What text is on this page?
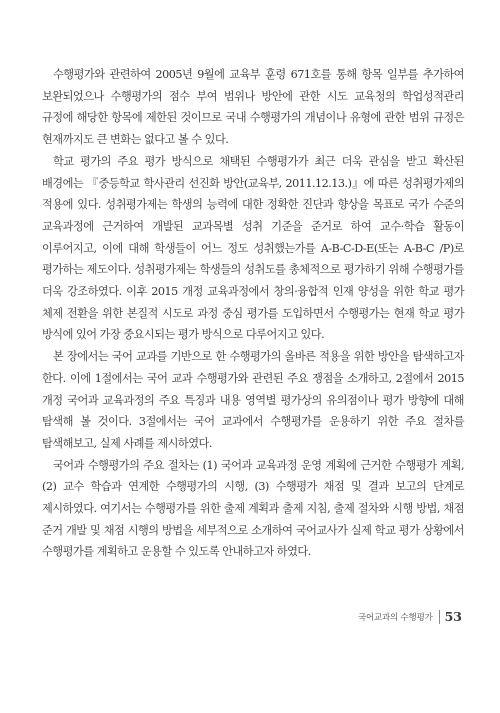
수행평가와 관련하여 2005년 9월에 교육부 훈령 671호를 통해 항목 일부를 추가하여 보완되었으나 수행평가의 점수 부여 범위나 방안에 관한 시도 교육청의 학업성적관리 규정에 해당한 항목에 제한된 것이므로 국내 수행평가의 개념이나 유형에 관한 범위 규정은 현재까지도 큰 변화는 없다고 볼 수 있다.

학교 평가의 주요 평가 방식으로 채택된 수행평가가 최근 더욱 관심을 받고 확산된 배경에는 『중등학교 학사관리 선진화 방안(교육부, 2011.12.13.)』에 따른 성취평가제의 적용에 있다. 성취평가제는 학생의 능력에 대한 정확한 진단과 향상을 목표로 국가 수준의 교육과정에 근거하여 개발된 교과목별 성취 기준을 준거로 하여 교수·학습 활동이 이루어지고, 이에 대해 학생들이 어느 정도 성취했는가를 A-B-C-D-E(또는 A-B-C /P)로 평가하는 제도이다. 성취평가제는 학생들의 성취도를 총체적으로 평가하기 위해 수행평가를 더욱 강조하였다. 이후 2015 개정 교육과정에서 창의·융합적 인재 양성을 위한 학교 평가 체제 전환을 위한 본질적 시도로 과정 중심 평가를 도입하면서 수행평가는 현재 학교 평가 방식에 있어 가장 중요시되는 평가 방식으로 다루어지고 있다.

본 장에서는 국어 교과를 기반으로 한 수행평가의 올바른 적용을 위한 방안을 탐색하고자 한다. 이에 1절에서는 국어 교과 수행평가와 관련된 주요 쟁점을 소개하고, 2절에서 2015 개정 국어과 교육과정의 주요 특징과 내용 영역별 평가상의 유의점이나 평가 방향에 대해 탐색해 볼 것이다. 3절에서는 국어 교과에서 수행평가를 운용하기 위한 주요 절차를 탐색해보고, 실제 사례를 제시하였다.

국어과 수행평가의 주요 절차는 (1) 국어과 교육과정 운영 계획에 근거한 수행평가 계획, (2) 교수 학습과 연계한 수행평가의 시행, (3) 수행평가 채점 및 결과 보고의 단계로 제시하였다. 여기서는 수행평가를 위한 출제 계획과 출제 지침, 출제 절차와 시행 방법, 채점 준거 개발 및 채점 시행의 방법을 세부적으로 소개하여 국어교사가 실제 학교 평가 상황에서 수행평가를 계획하고 운용할 수 있도록 안내하고자 하였다.

국어교과의 수행평가 53
